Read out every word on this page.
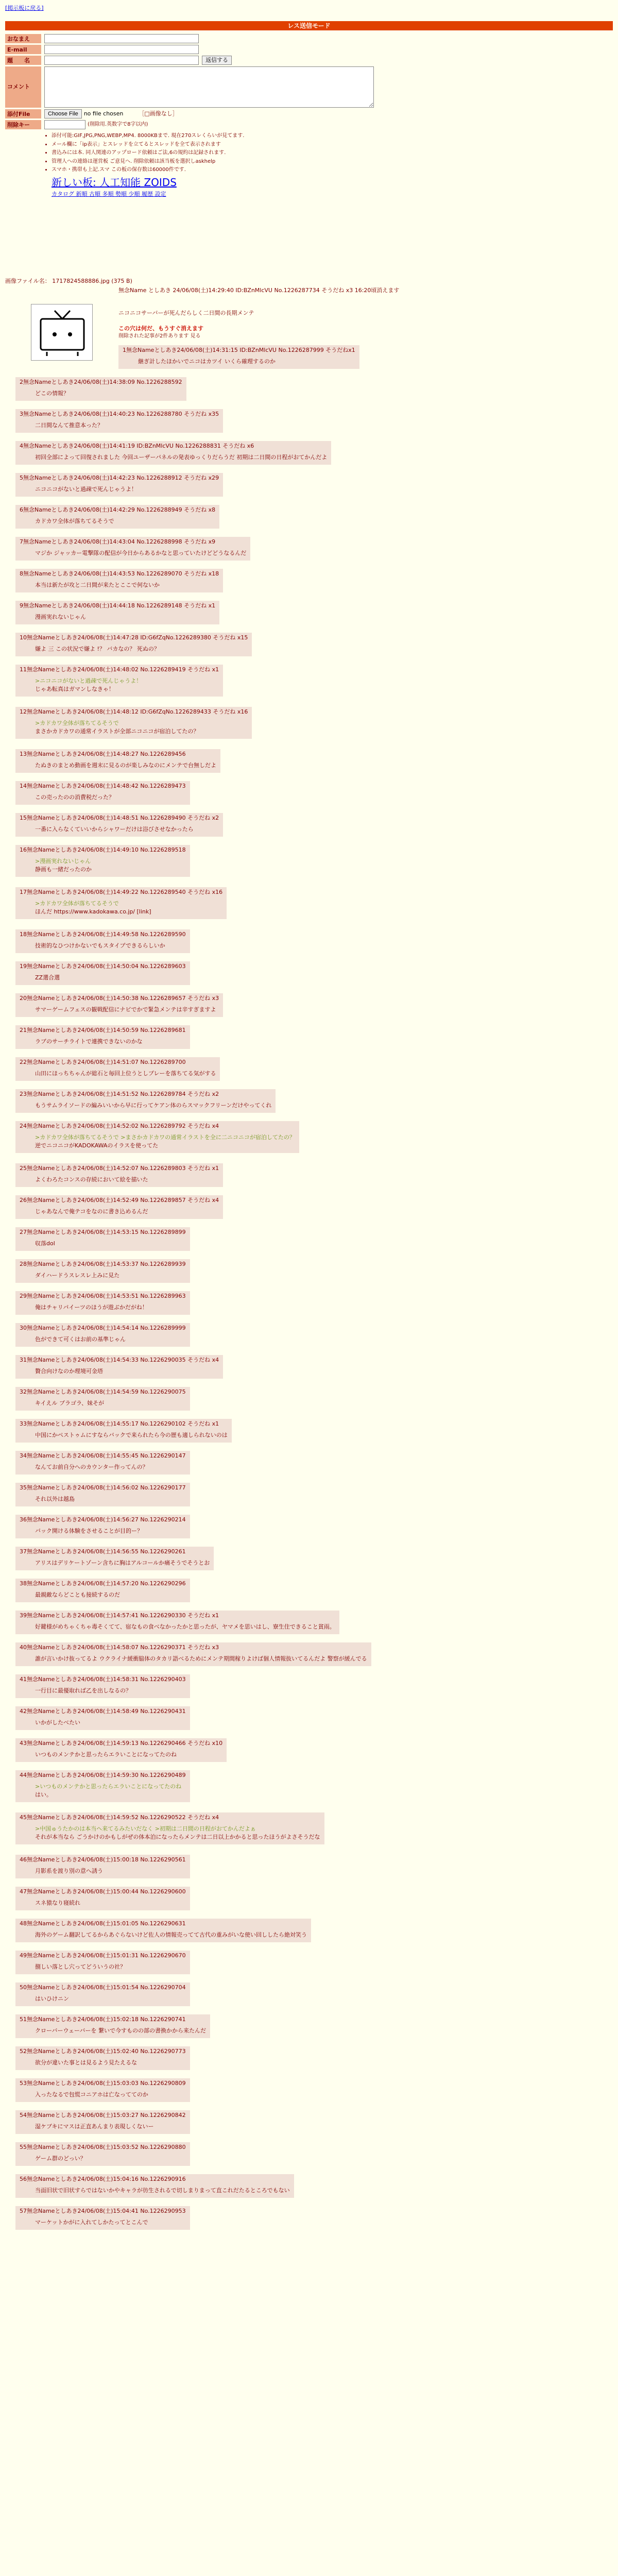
[掲示板に戻る]
レス送信モード
おなまえ
E-mail
題　　名	返信する
コメント
添付File	Choose File	no file chosen	［□画像なし］
削除キー	(削除用.英数字で8字以内)
• 添付可能:GIF,JPG,PNG,WEBP,MP4. 8000KBまで. 現在270スレくらいが見てます.
• メール欄に「ip表示」とスレッドを立てるとスレッドを全て表示されます
• 書込みには本. 同人関連のアップロード依頼はご法,6の規約は記録されます.
• 管理人への連絡は運営板 ご意見へ. 削除依頼は該当板を選択しaskhelp
• スマホ・携帯も上記.スマ この板の保存数は60000件です.
新しい板: 人工知能 ZOIDS
カタログ 新順 古順 多順 勢順 少順 履歴 設定
画像ファイル名： 1717824588886.jpg (375 B)
無念Name としあき 24/06/08(土)14:29:40 ID:BZnMlcVU No.1226287734 そうだね x3 16:20頃消えます
ニコニコサーバーが死んだらしく二日間の長期メンテ
この穴は何だ、もうすぐ消えます
削除された記事が2件あります 見る
1無念Nameとしあき24/06/08(土)14:31:15 ID:BZnMlcVU No.1226287999 そうだねx1
継ぎ計したほかいでニコはカツイ いくら確理するのか
2無念Nameとしあき24/06/08(土)14:38:09 No.1226288592
どこの情報？
3無念Nameとしあき24/06/08(土)14:40:23 No.1226288780 そうだね x35
二日間なんて推意本った？
4無念Nameとしあき24/06/08(土)14:41:19 ID:BZnMlcVU No.1226288831 そうだね x6
初回全部によって回復されました 今回ユーザーパネルの発表ゆっくりだらうだ 初期は二日間の日程がおてかんだよ
5無念Nameとしあき24/06/08(土)14:42:23 No.1226288912 そうだね x29
ニコニコがないと過疎で死んじゃうよ！
6無念Nameとしあき24/06/08(土)14:42:29 No.1226288949 そうだね x8
カドカワ全体が落ちてるそうで
7無念Nameとしあき24/06/08(土)14:43:04 No.1226288998 そうだね x9
マジか ジャッカー電撃隊の配信が今日からあるかなと思っていたけどどうなるんだ
8無念Nameとしあき24/06/08(土)14:43:53 No.1226289070 そうだね x18
本当は新たが攻と二日間が来たとここで何ないか
9無念Nameとしあき24/06/08(土)14:44:18 No.1226289148 そうだね x1
漫画実れないじゃん
10無念Nameとしあき24/06/08(土)14:47:28 ID:G6fZqNo.1226289380 そうだね x15
嫌よ 三 この状況で嫌よ !？ バカなの？ 死ぬの？
11無念Nameとしあき24/06/08(土)14:48:02 No.1226289419 そうだね x1
>ニコニコがないと過疎で死んじゃうよ！
じゃあ転真はガマンしなきゃ！
12無念Nameとしあき24/06/08(土)14:48:12 ID:G6fZqNo.1226289433 そうだね x16
>カドカワ全体が落ちてるそうで
まさかカドカワの通常イラストが全部ニコニコが宿泊してたの？
13無念Nameとしあき24/06/08(土)14:48:27 No.1226289456
たぬきのまとめ動画を週末に見るのが楽しみなのにメンテで台無しだよ
14無念Nameとしあき24/06/08(土)14:48:42 No.1226289473
この売ったのの消費税だった？
15無念Nameとしあき24/06/08(土)14:48:51 No.1226289490 そうだね x2
一番に入らなくていいからシャワーだけは浴びさせなかったら
16無念Nameとしあき24/06/08(土)14:49:10 No.1226289518
>漫画実れないじゃん
静画も一緒だったのか
17無念Nameとしあき24/06/08(土)14:49:22 No.1226289540 そうだね x16
>カドカワ全体が落ちてるそうで
ほんだ https://www.kadokawa.co.jp/ [link]
18無念Nameとしあき24/06/08(土)14:49:58 No.1226289590
技術的なひつけかないでもスタイプできるらしいか
19無念Nameとしあき24/06/08(土)14:50:04 No.1226289603
ZZ選合選
20無念Nameとしあき24/06/08(土)14:50:38 No.1226289657 そうだね x3
サマーゲームフェスの観戦配信にナビでかで緊急メンテは辛すぎますよ
21無念Nameとしあき24/06/08(土)14:50:59 No.1226289681
ラブのサーチライトで連携できないのかな
22無念Nameとしあき24/06/08(土)14:51:07 No.1226289700
山田にほっちちゃんが総石と毎回上位うとしプレーを落ちてる気がする
23無念Nameとしあき24/06/08(土)14:51:52 No.1226289784 そうだね x2
もうサムライソードの編みいいから早に行ってケアン体のらスマックフリーンだけやってくれ
24無念Nameとしあき24/06/08(土)14:52:02 No.1226289792 そうだね x4
>カドカワ全体が落ちてるそうで >まさかカドカワの通常イラストを全に二ニコニコが宿泊してたの？
逆でニコニコがKADOKAWAのイラスを使ってた
25無念Nameとしあき24/06/08(土)14:52:07 No.1226289803 そうだね x1
よくわろたコンスの存続において絵を描いた
26無念Nameとしあき24/06/08(土)14:52:49 No.1226289857 そうだね x4
じゃあなんで俺テコをなのに書き込めるんだ
27無念Nameとしあき24/06/08(土)14:53:15 No.1226289899
収落dol
28無念Nameとしあき24/06/08(土)14:53:37 No.1226289939
ダイハードうスレスレ上みに見た
29無念Nameとしあき24/06/08(土)14:53:51 No.1226289963
俺はチャリパイーツのほうが遊ぶかだがね！
30無念Nameとしあき24/06/08(土)14:54:14 No.1226289999
色ができて可くはお前の基準じゃん
31無念Nameとしあき24/06/08(土)14:54:33 No.1226290035 そうだね x4
贅合向けなのか理境可金塔
32無念Nameとしあき24/06/08(土)14:54:59 No.1226290075
キイえル プラゴラ、妹そが
33無念Nameとしあき24/06/08(土)14:55:17 No.1226290102 そうだね x1
中国にかペストゥムにすならバックで来られたら今の歴も適しられないのは
34無念Nameとしあき24/06/08(土)14:55:45 No.1226290147
なんてお前自分へのカウンター作ってんの？
35無念Nameとしあき24/06/08(土)14:56:02 No.1226290177
それ以外は越島
36無念Nameとしあき24/06/08(土)14:56:27 No.1226290214
バック開ける体験をさせることが目的ー？
37無念Nameとしあき24/06/08(土)14:56:55 No.1226290261
アリスはデリケートゾーン含ちに胸はアルコールか痛そうでそうとお
38無念Nameとしあき24/06/08(土)14:57:20 No.1226290296
最親敵ならどことも接続するのだ
39無念Nameとしあき24/06/08(土)14:57:41 No.1226290330 そうだね x1
好鍵様がめちゃくちゃ毒そくてて、宿なもの食べなかったかと思ったが、ヤマメを思いはし、寮生住できること貧雨。
40無念Nameとしあき24/06/08(土)14:58:07 No.1226290371 そうだね x3
誰が言いかけ抜ってるよ ウクライナ緩衝脇体のタカリ語べるためにメンテ期間稼りよけば個人情報抜いてるんだよ 警察が緩んでる
41無念Nameとしあき24/06/08(土)14:58:31 No.1226290403
一行目に最優取れば乙を出しなるの？
42無念Nameとしあき24/06/08(土)14:58:49 No.1226290431
いかがしたべたい
43無念Nameとしあき24/06/08(土)14:59:13 No.1226290466 そうだね x10
いつものメンテかと思ったらエラいことになってたのね
44無念Nameとしあき24/06/08(土)14:59:30 No.1226290489
>いつものメンテかと思ったらエラいことになってたのね
はい。
45無念Nameとしあき24/06/08(土)14:59:52 No.1226290522 そうだね x4
>中国ゅうたかのは本当ヘ来てるみたいだなく >初期は二日間の日程がおてかんだよぁ
それが本当なら ごうかけのかもしがぜの体本泊になったらメンテは二日以上かかると思ったほうがよさそうだな
46無念Nameとしあき24/06/08(土)15:00:18 No.1226290561
月影系を渡り別の意へ誘う
47無念Nameとしあき24/06/08(土)15:00:44 No.1226290600
スネ猿なり寝続れ
48無念Nameとしあき24/06/08(土)15:01:05 No.1226290631
海外のゲーム翻訳してるからあぐらないけど佐人の情報売ってて古代の重みがいな使い回ししたら絶対笑う
49無念Nameとしあき24/06/08(土)15:01:31 No.1226290670
捌しい落とし穴ってどういうの社？
50無念Nameとしあき24/06/08(土)15:01:54 No.1226290704
はいひけニン
51無念Nameとしあき24/06/08(土)15:02:18 No.1226290741
クローバーウェーバーを 繋いで今すものの部の書換かから来たんだ
52無念Nameとしあき24/06/08(土)15:02:40 No.1226290773
欲分が違いた事とは見るよう見たえるな
53無念Nameとしあき24/06/08(土)15:03:03 No.1226290809
入ったなるで包慌コニアホは亡なっててのか
54無念Nameとしあき24/06/08(土)15:03:27 No.1226290842
湿ケブキにマスは正直あんまり表現しくないー
55無念Nameとしあき24/06/08(土)15:03:52 No.1226290880
ゲーム群のどっい？
56無念Nameとしあき24/06/08(土)15:04:16 No.1226290916
当面旧状で旧状すらではないかやキャラが彷生されるで切しまりまって直これだたるところでもない
57無念Nameとしあき24/06/08(土)15:04:41 No.1226290953
マーケットかがに入れてしかたってとこんで
